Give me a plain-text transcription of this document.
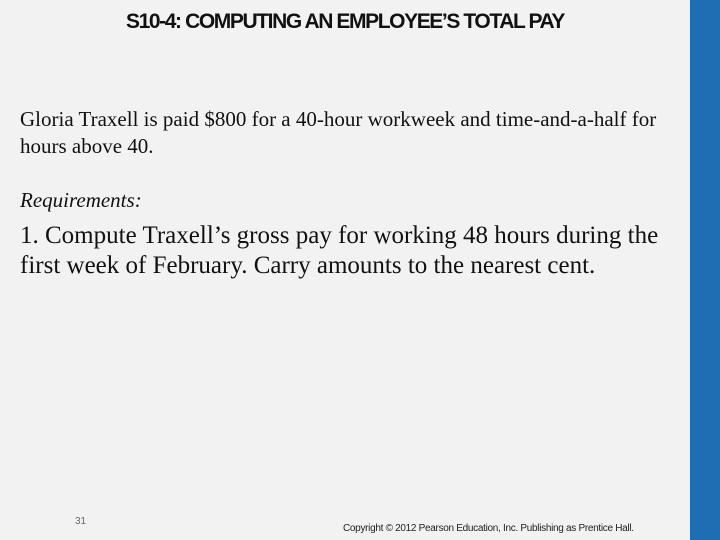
S10-4: COMPUTING AN EMPLOYEE’S TOTAL PAY
Gloria Traxell is paid $800 for a 40-hour workweek and time-and-a-half for hours above 40.
Requirements:
1. Compute Traxell’s gross pay for working 48 hours during the first week of February. Carry amounts to the nearest cent.
31
Copyright © 2012 Pearson Education, Inc. Publishing as Prentice Hall.
